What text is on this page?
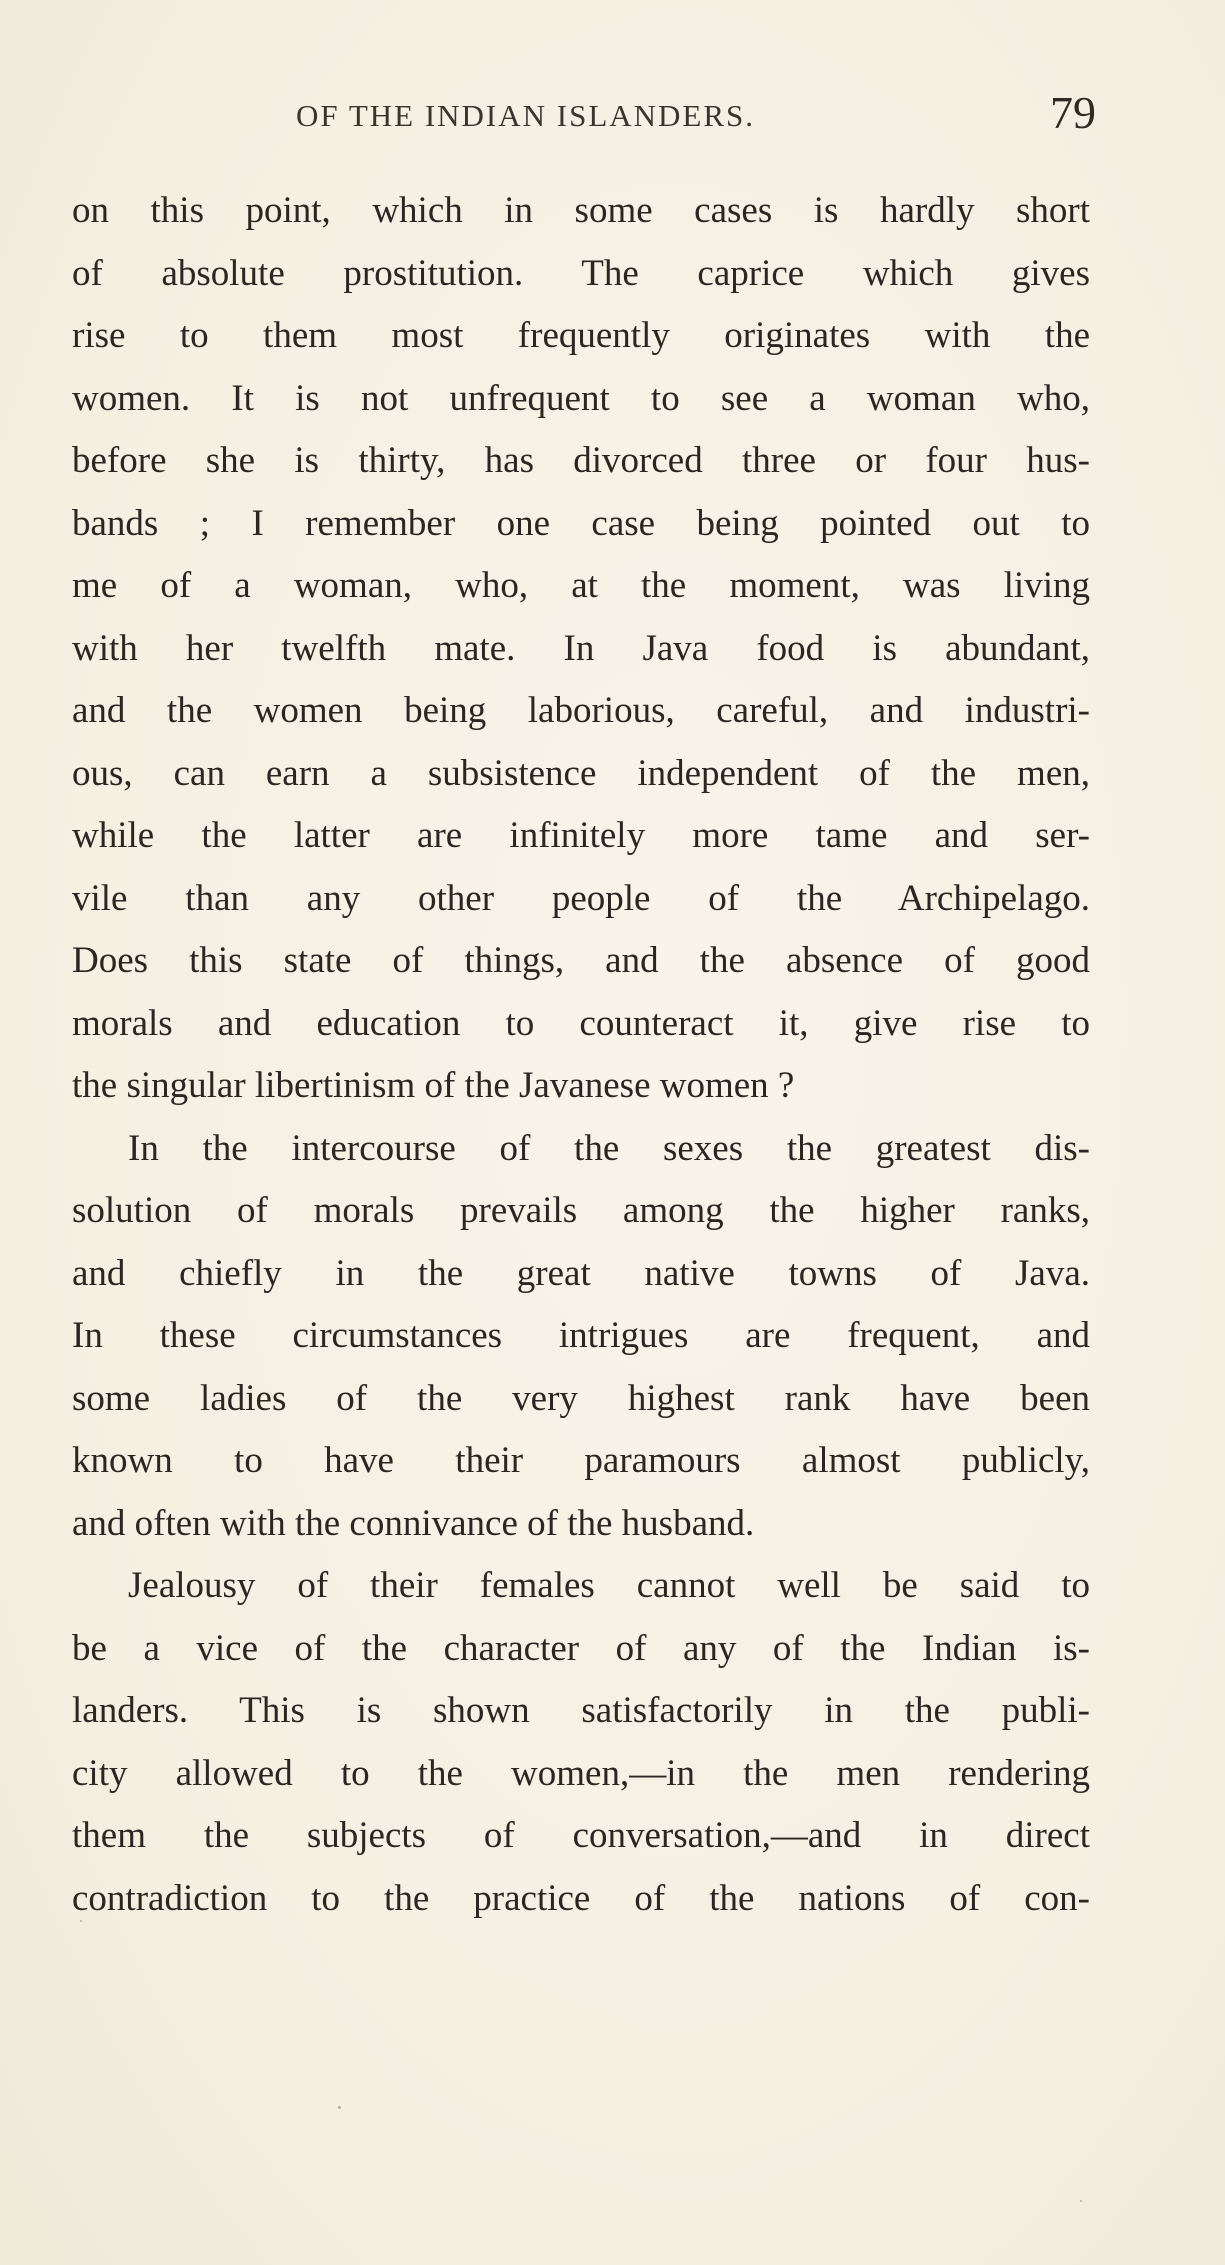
OF THE INDIAN ISLANDERS.	79
on this point, which in some cases is hardly short
of absolute prostitution. The caprice which gives
rise to them most frequently originates with the
women. It is not unfrequent to see a woman who,
before she is thirty, has divorced three or four hus-
bands ; I remember one case being pointed out to
me of a woman, who, at the moment, was living
with her twelfth mate. In Java food is abundant,
and the women being laborious, careful, and industri-
ous, can earn a subsistence independent of the men,
while the latter are infinitely more tame and ser-
vile than any other people of the Archipelago.
Does this state of things, and the absence of good
morals and education to counteract it, give rise to
the singular libertinism of the Javanese women ?
In the intercourse of the sexes the greatest dis-
solution of morals prevails among the higher ranks,
and chiefly in the great native towns of Java.
In these circumstances intrigues are frequent, and
some ladies of the very highest rank have been
known to have their paramours almost publicly,
and often with the connivance of the husband.
Jealousy of their females cannot well be said to
be a vice of the character of any of the Indian is-
landers. This is shown satisfactorily in the publi-
city allowed to the women,—in the men rendering
them the subjects of conversation,—and in direct
contradiction to the practice of the nations of con-
